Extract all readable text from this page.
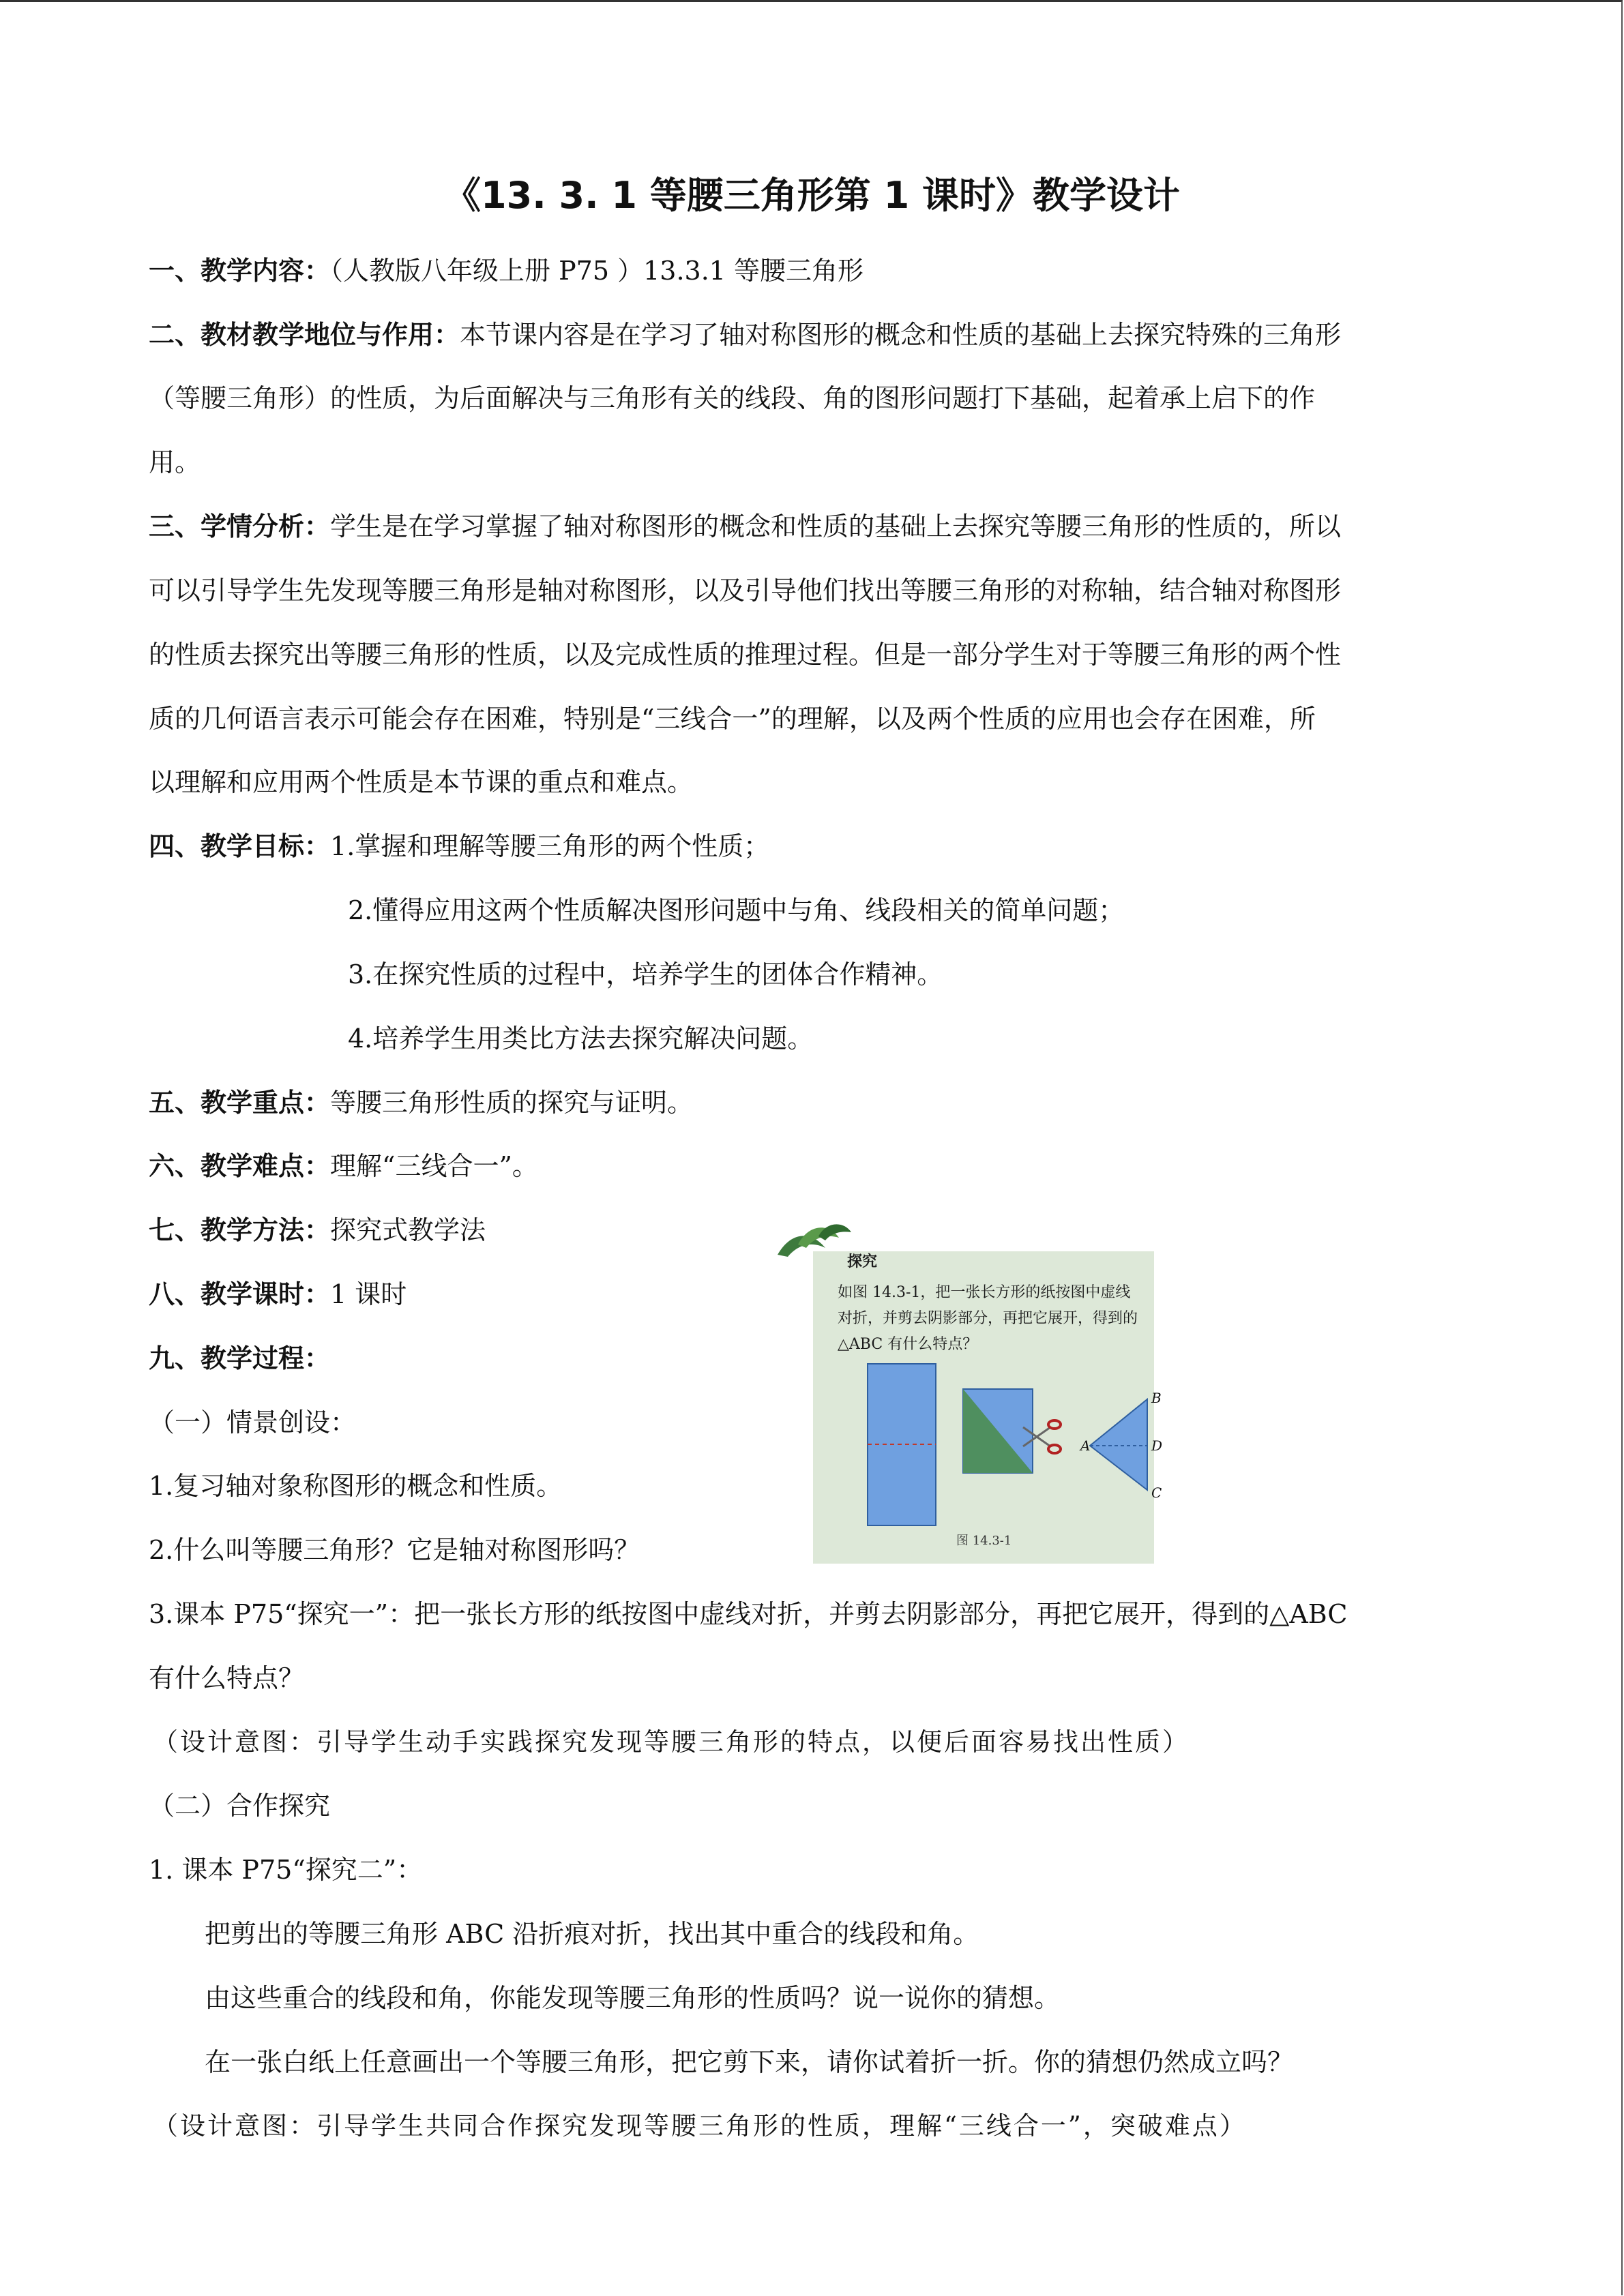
《13. 3. 1 等腰三角形第 1 课时》教学设计
一、教学内容：（人教版八年级上册 P75 ）13.3.1 等腰三角形
二、教材教学地位与作用：本节课内容是在学习了轴对称图形的概念和性质的基础上去探究特殊的三角形
（等腰三角形）的性质，为后面解决与三角形有关的线段、角的图形问题打下基础，起着承上启下的作
用。
三、学情分析：学生是在学习掌握了轴对称图形的概念和性质的基础上去探究等腰三角形的性质的，所以
可以引导学生先发现等腰三角形是轴对称图形，以及引导他们找出等腰三角形的对称轴，结合轴对称图形
的性质去探究出等腰三角形的性质，以及完成性质的推理过程。但是一部分学生对于等腰三角形的两个性
质的几何语言表示可能会存在困难，特别是“三线合一”的理解，以及两个性质的应用也会存在困难，所
以理解和应用两个性质是本节课的重点和难点。
四、教学目标：1.掌握和理解等腰三角形的两个性质；
2.懂得应用这两个性质解决图形问题中与角、线段相关的简单问题；
3.在探究性质的过程中，培养学生的团体合作精神。
4.培养学生用类比方法去探究解决问题。
五、教学重点：等腰三角形性质的探究与证明。
六、教学难点：理解“三线合一”。
七、教学方法：探究式教学法
八、教学课时：1 课时
九、教学过程：
（一）情景创设：
1.复习轴对象称图形的概念和性质。
2.什么叫等腰三角形？它是轴对称图形吗？
3.课本 P75“探究一”：把一张长方形的纸按图中虚线对折，并剪去阴影部分，再把它展开，得到的△ABC
有什么特点？
（设计意图：引导学生动手实践探究发现等腰三角形的特点，以便后面容易找出性质）
（二）合作探究
1. 课本 P75“探究二”：
把剪出的等腰三角形 ABC 沿折痕对折，找出其中重合的线段和角。
由这些重合的线段和角，你能发现等腰三角形的性质吗？说一说你的猜想。
在一张白纸上任意画出一个等腰三角形，把它剪下来，请你试着折一折。你的猜想仍然成立吗？
（设计意图：引导学生共同合作探究发现等腰三角形的性质，理解“三线合一”，突破难点）
探究
如图 14.3-1，把一张长方形的纸按图中虚线对折，并剪去阴影部分，再把它展开，得到的△ABC 有什么特点？
A
B
C
D
图 14.3-1
